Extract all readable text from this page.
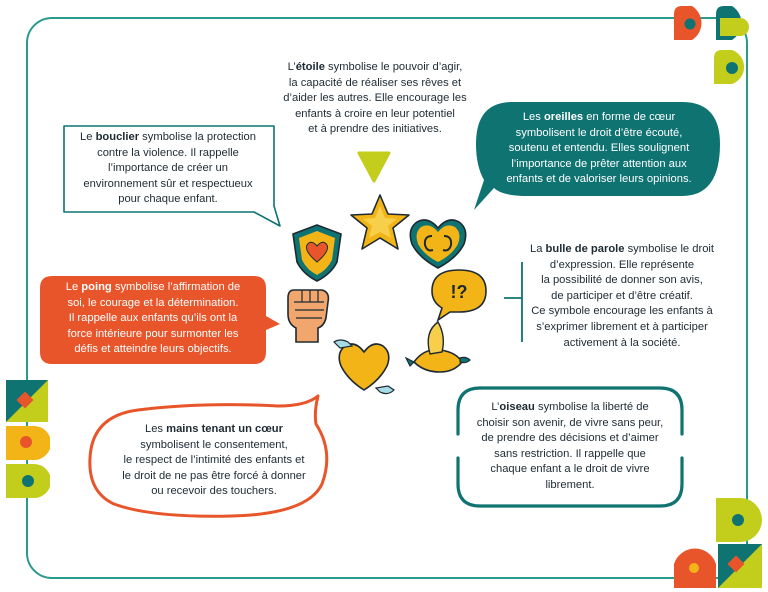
L’étoile symbolise le pouvoir d’agir,
la capacité de réaliser ses rêves et
d’aider les autres. Elle encourage les
enfants à croire en leur potentiel
et à prendre des initiatives.
Le bouclier symbolise la protection
contre la violence. Il rappelle
l’importance de créer un
environnement sûr et respectueux
pour chaque enfant.
Les oreilles en forme de cœur
symbolisent le droit d’être écouté,
soutenu et entendu. Elles soulignent
l’importance de prêter attention aux
enfants et de valoriser leurs opinions.
La bulle de parole symbolise le droit
d’expression. Elle représente
la possibilité de donner son avis,
de participer et d’être créatif.
Ce symbole encourage les enfants à
s’exprimer librement et à participer
activement à la société.
Le poing symbolise l’affirmation de
soi, le courage et la détermination.
Il rappelle aux enfants qu’ils ont la
force intérieure pour surmonter les
défis et atteindre leurs objectifs.
Les mains tenant un cœur
symbolisent le consentement,
le respect de l’intimité des enfants et
le droit de ne pas être forcé à donner
ou recevoir des touchers.
L’oiseau symbolise la liberté de
choisir son avenir, de vivre sans peur,
de prendre des décisions et d’aimer
sans restriction. Il rappelle que
chaque enfant a le droit de vivre
librement.
!?
